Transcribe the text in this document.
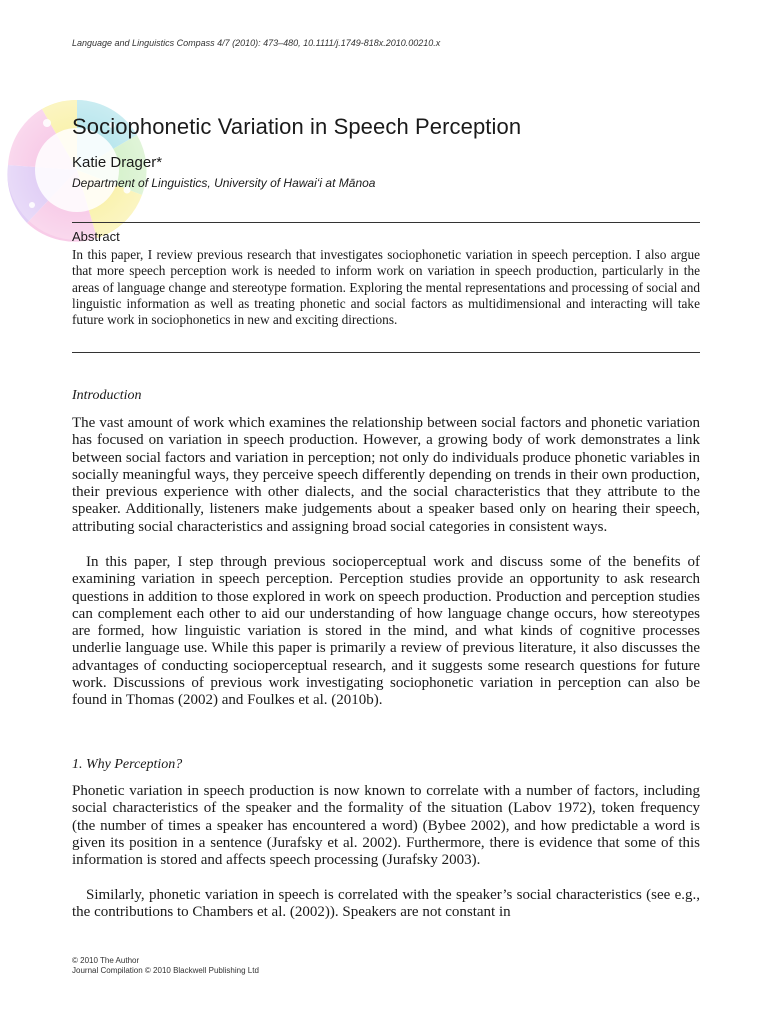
Language and Linguistics Compass 4/7 (2010): 473–480, 10.1111/j.1749-818x.2010.00210.x
Sociophonetic Variation in Speech Perception
Katie Drager*
Department of Linguistics, University of Hawai‘i at Mānoa
Abstract

In this paper, I review previous research that investigates sociophonetic variation in speech perception. I also argue that more speech perception work is needed to inform work on variation in speech production, particularly in the areas of language change and stereotype formation. Exploring the mental representations and processing of social and linguistic information as well as treating phonetic and social factors as multidimensional and interacting will take future work in sociophonetics in new and exciting directions.

Introduction

The vast amount of work which examines the relationship between social factors and phonetic variation has focused on variation in speech production. However, a growing body of work demonstrates a link between social factors and variation in perception; not only do individuals produce phonetic variables in socially meaningful ways, they perceive speech differently depending on trends in their own production, their previous experience with other dialects, and the social characteristics that they attribute to the speaker. Additionally, listeners make judgements about a speaker based only on hearing their speech, attributing social characteristics and assigning broad social categories in consistent ways.

In this paper, I step through previous socioperceptual work and discuss some of the benefits of examining variation in speech perception. Perception studies provide an opportunity to ask research questions in addition to those explored in work on speech production. Production and perception studies can complement each other to aid our understanding of how language change occurs, how stereotypes are formed, how linguistic variation is stored in the mind, and what kinds of cognitive processes underlie language use. While this paper is primarily a review of previous literature, it also discusses the advantages of conducting socioperceptual research, and it suggests some research questions for future work. Discussions of previous work investigating sociophonetic variation in perception can also be found in Thomas (2002) and Foulkes et al. (2010b).

1. Why Perception?

Phonetic variation in speech production is now known to correlate with a number of factors, including social characteristics of the speaker and the formality of the situation (Labov 1972), token frequency (the number of times a speaker has encountered a word) (Bybee 2002), and how predictable a word is given its position in a sentence (Jurafsky et al. 2002). Furthermore, there is evidence that some of this information is stored and affects speech processing (Jurafsky 2003).

Similarly, phonetic variation in speech is correlated with the speaker’s social characteristics (see e.g., the contributions to Chambers et al. (2002)). Speakers are not constant in

© 2010 The Author
Journal Compilation © 2010 Blackwell Publishing Ltd
